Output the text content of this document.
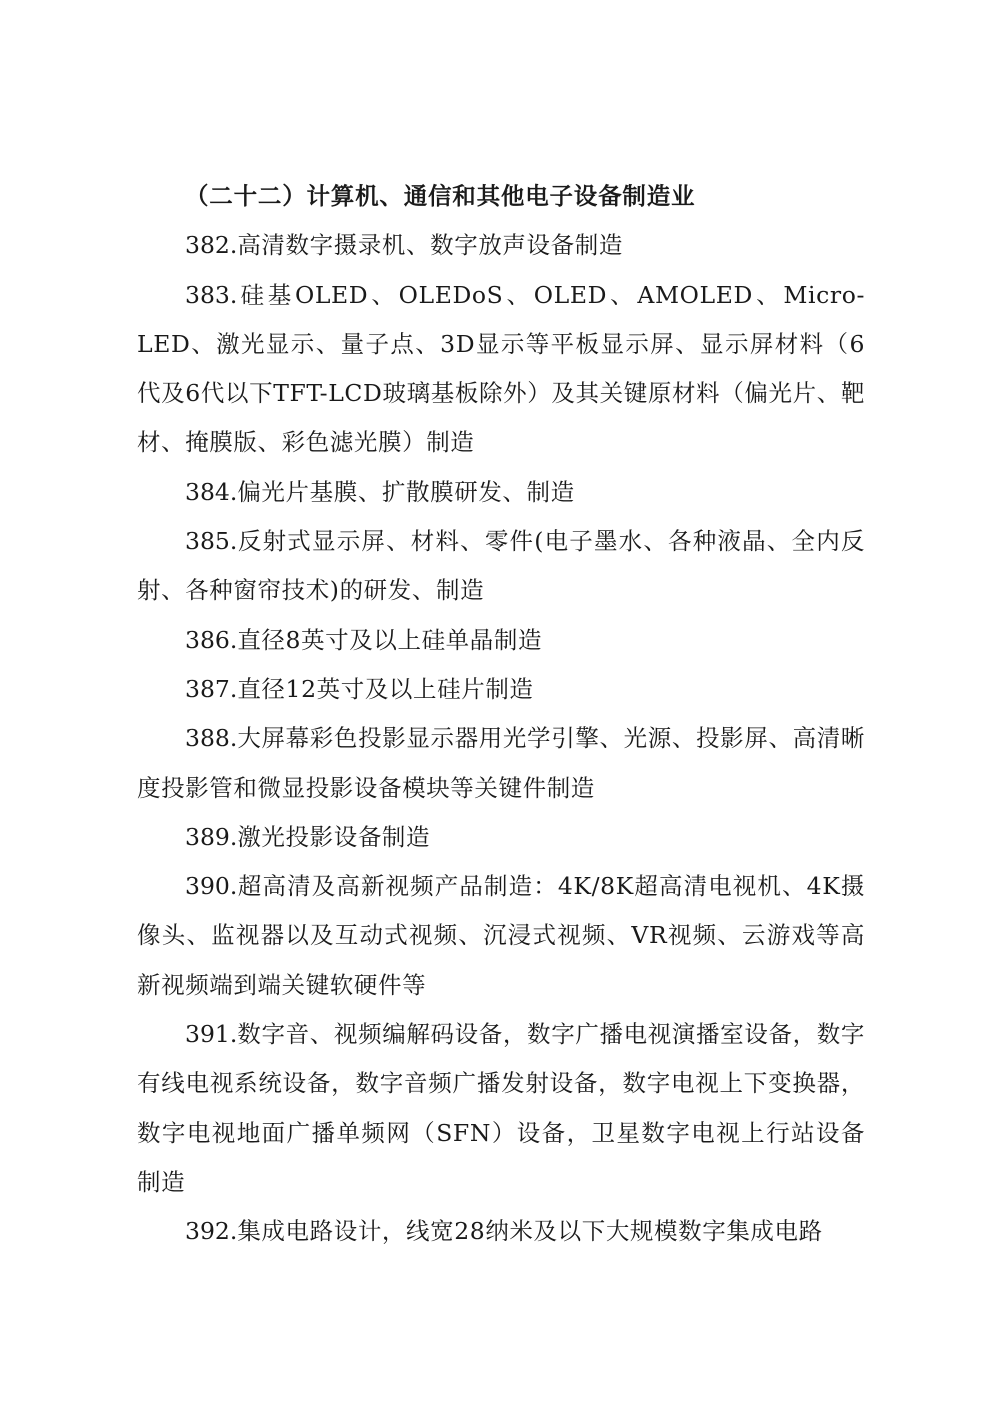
（二十二）计算机、通信和其他电子设备制造业

382.高清数字摄录机、数字放声设备制造

383.硅基OLED、OLEDoS、OLED、AMOLED、Micro-LED、激光显示、量子点、3D显示等平板显示屏、显示屏材料（6代及6代以下TFT-LCD玻璃基板除外）及其关键原材料（偏光片、靶材、掩膜版、彩色滤光膜）制造

384.偏光片基膜、扩散膜研发、制造

385.反射式显示屏、材料、零件(电子墨水、各种液晶、全内反射、各种窗帘技术)的研发、制造

386.直径8英寸及以上硅单晶制造

387.直径12英寸及以上硅片制造

388.大屏幕彩色投影显示器用光学引擎、光源、投影屏、高清晰度投影管和微显投影设备模块等关键件制造

389.激光投影设备制造

390.超高清及高新视频产品制造：4K/8K超高清电视机、4K摄像头、监视器以及互动式视频、沉浸式视频、VR视频、云游戏等高新视频端到端关键软硬件等

391.数字音、视频编解码设备，数字广播电视演播室设备，数字有线电视系统设备，数字音频广播发射设备，数字电视上下变换器，数字电视地面广播单频网（SFN）设备，卫星数字电视上行站设备制造

392.集成电路设计，线宽28纳米及以下大规模数字集成电路
